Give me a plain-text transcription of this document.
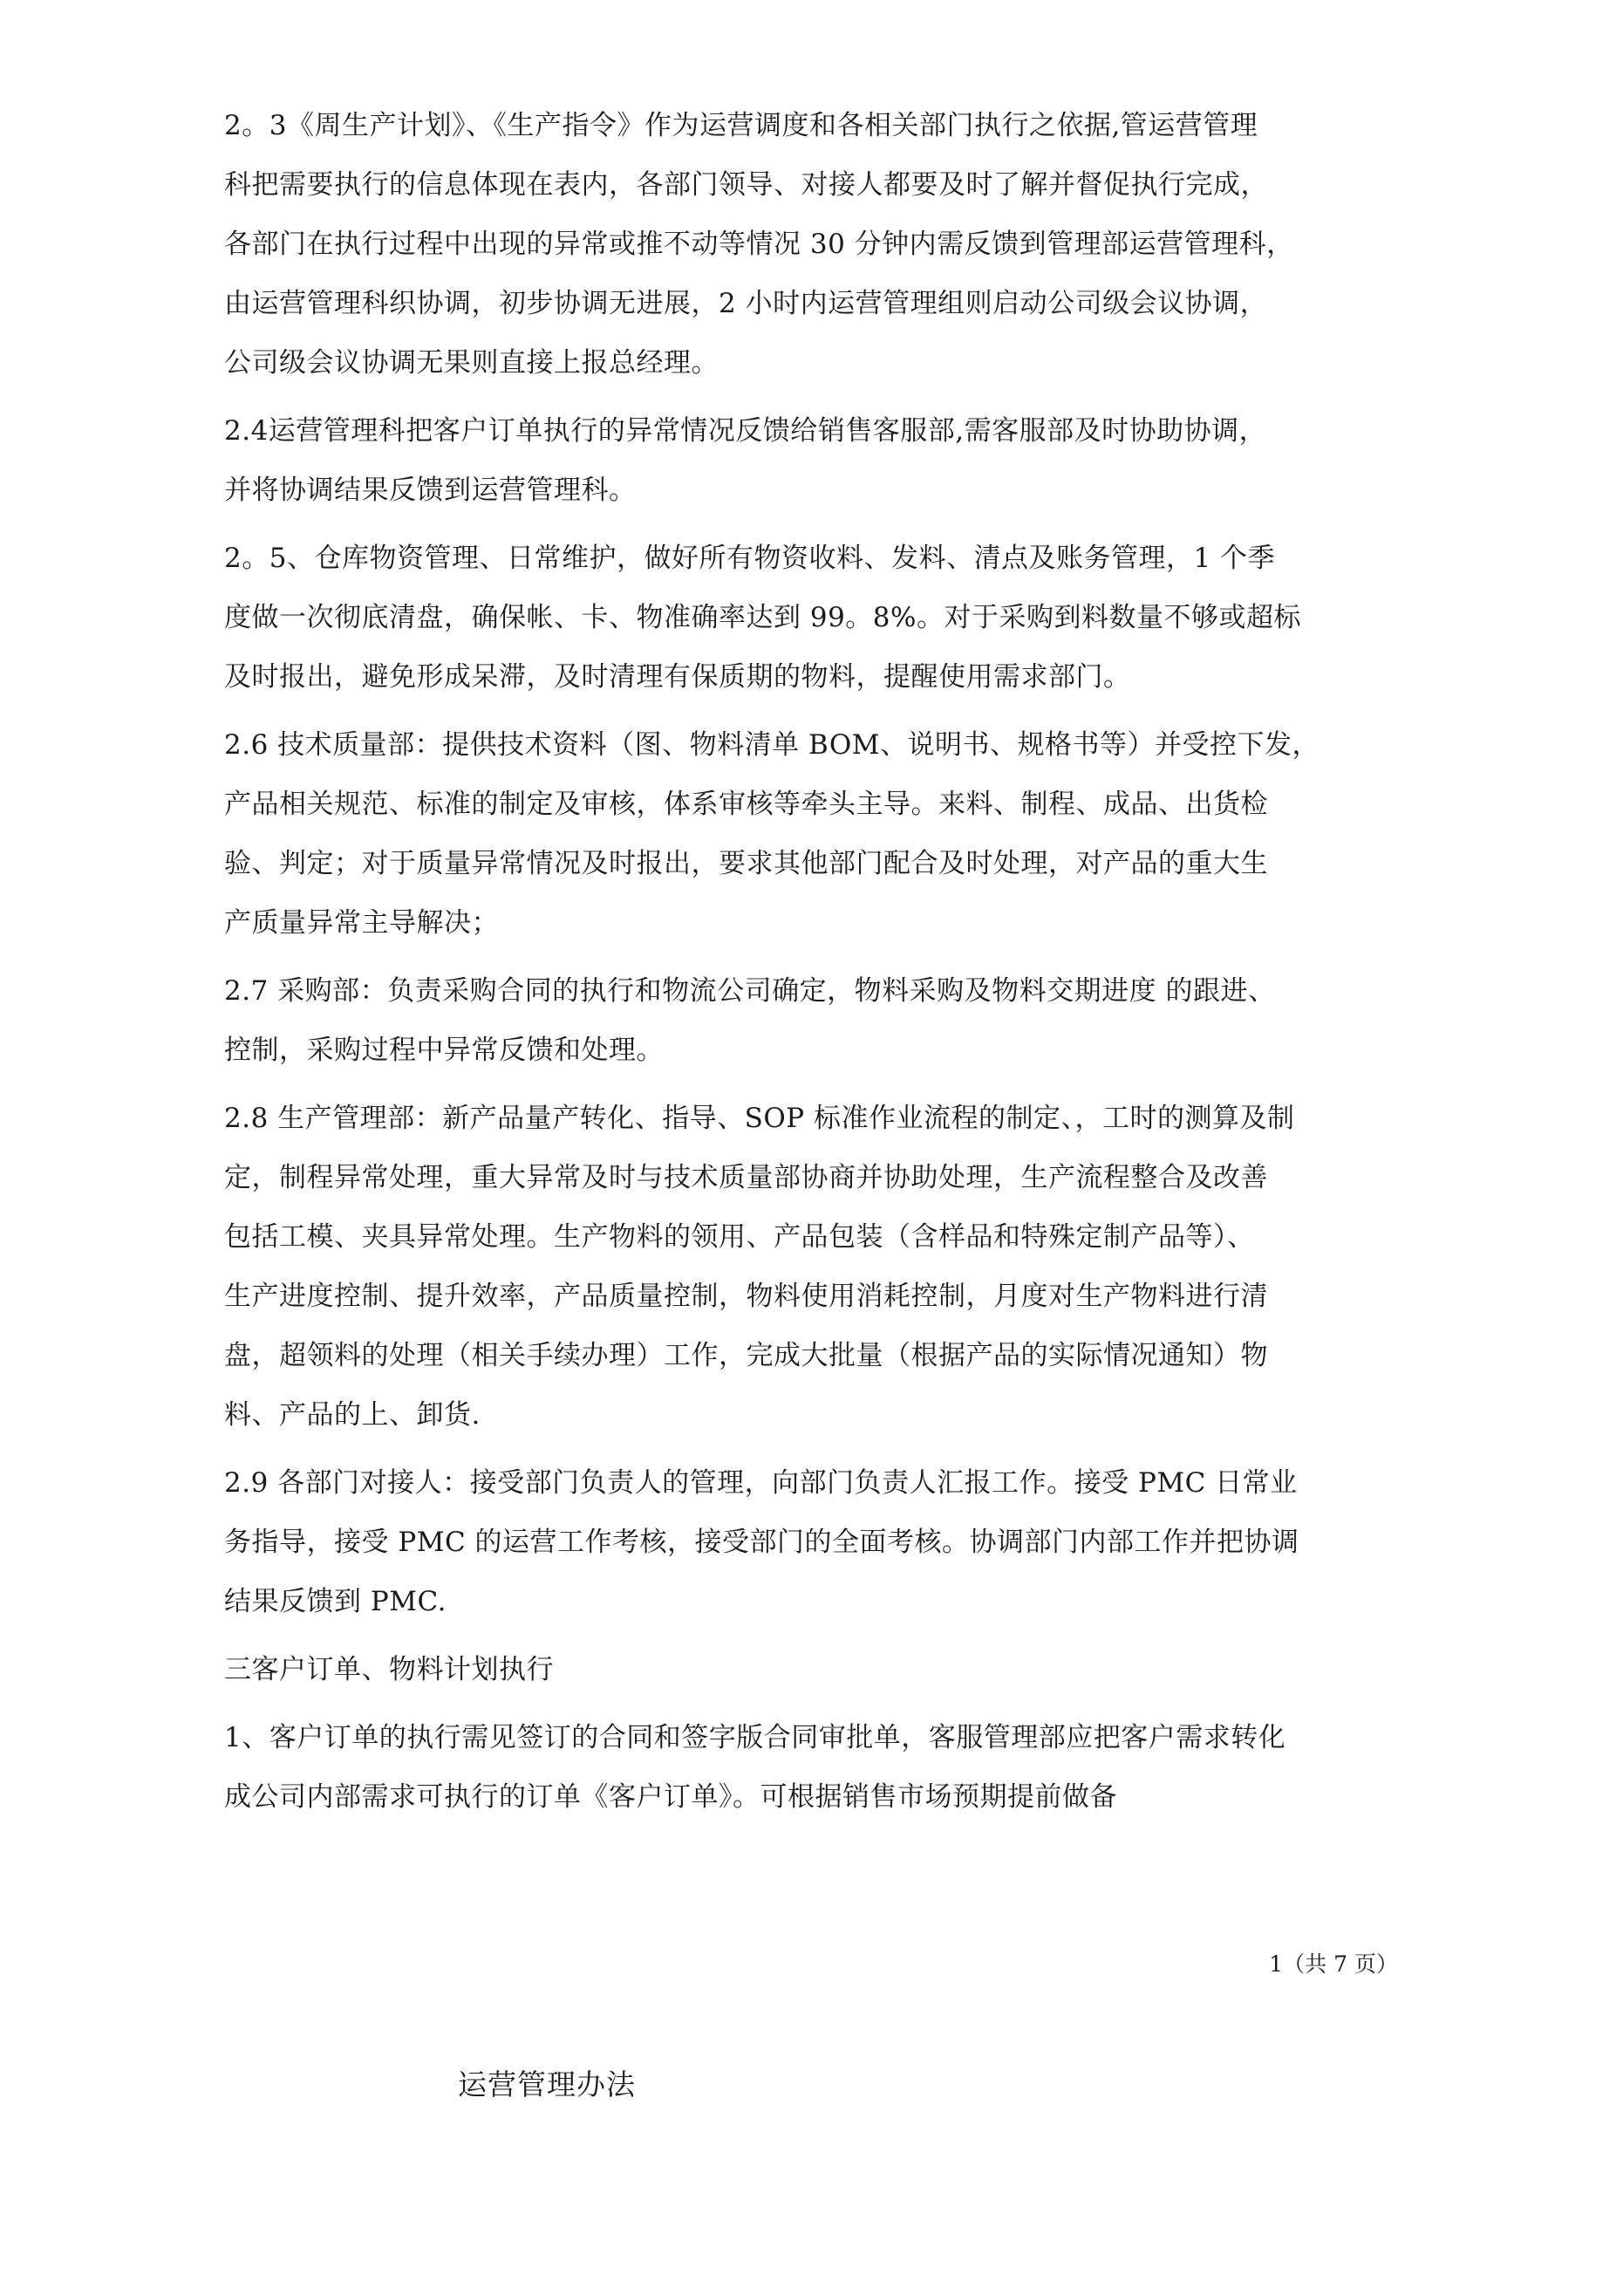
2。3《周生产计划》、《生产指令》作为运营调度和各相关部门执行之依据,管运营管理
科把需要执行的信息体现在表内，各部门领导、对接人都要及时了解并督促执行完成，
各部门在执行过程中出现的异常或推不动等情况 30 分钟内需反馈到管理部运营管理科，
由运营管理科织协调，初步协调无进展，2 小时内运营管理组则启动公司级会议协调，
公司级会议协调无果则直接上报总经理。

2.4运营管理科把客户订单执行的异常情况反馈给销售客服部,需客服部及时协助协调，
并将协调结果反馈到运营管理科。

2。5、仓库物资管理、日常维护，做好所有物资收料、发料、清点及账务管理，1 个季
度做一次彻底清盘，确保帐、卡、物准确率达到 99。8%。对于采购到料数量不够或超标
及时报出，避免形成呆滞，及时清理有保质期的物料，提醒使用需求部门。

2.6 技术质量部：提供技术资料（图、物料清单 BOM、说明书、规格书等）并受控下发，
产品相关规范、标准的制定及审核，体系审核等牵头主导。来料、制程、成品、出货检
验、判定；对于质量异常情况及时报出，要求其他部门配合及时处理，对产品的重大生
产质量异常主导解决；

2.7 采购部：负责采购合同的执行和物流公司确定，物料采购及物料交期进度 的跟进、
控制，采购过程中异常反馈和处理。

2.8 生产管理部：新产品量产转化、指导、SOP 标准作业流程的制定、，工时的测算及制
定，制程异常处理，重大异常及时与技术质量部协商并协助处理，生产流程整合及改善
包括工模、夹具异常处理。生产物料的领用、产品包装（含样品和特殊定制产品等）、
生产进度控制、提升效率，产品质量控制，物料使用消耗控制，月度对生产物料进行清
盘，超领料的处理（相关手续办理）工作，完成大批量（根据产品的实际情况通知）物
料、产品的上、卸货.

2.9 各部门对接人：接受部门负责人的管理，向部门负责人汇报工作。接受 PMC 日常业
务指导，接受 PMC 的运营工作考核，接受部门的全面考核。协调部门内部工作并把协调
结果反馈到 PMC.

三客户订单、物料计划执行

1、客户订单的执行需见签订的合同和签字版合同审批单，客服管理部应把客户需求转化
成公司内部需求可执行的订单《客户订单》。可根据销售市场预期提前做备

1（共 7 页）
运营管理办法
